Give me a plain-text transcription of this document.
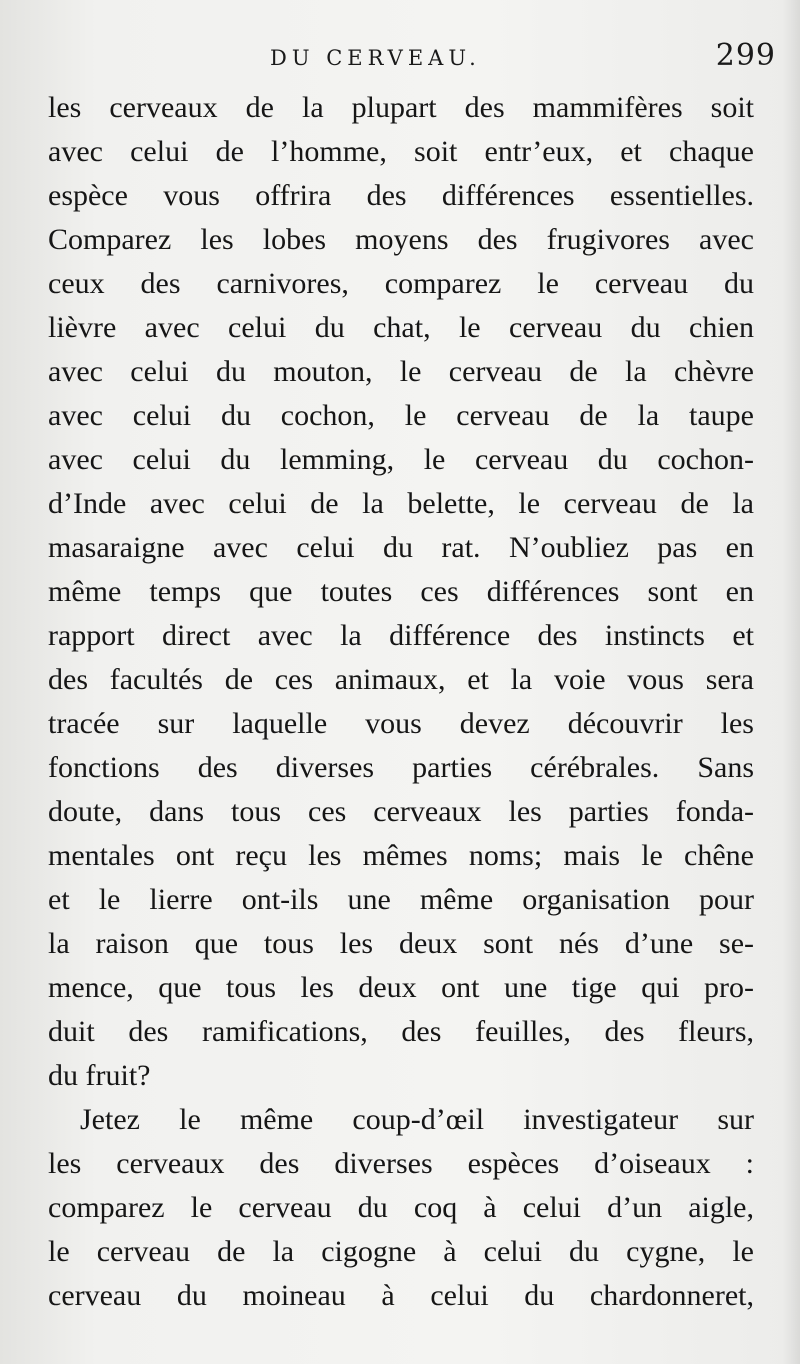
DU CERVEAU.	299
les cerveaux de la plupart des mammifères soit
avec celui de l’homme, soit entr’eux, et chaque
espèce vous offrira des différences essentielles.
Comparez les lobes moyens des frugivores avec
ceux des carnivores, comparez le cerveau du
lièvre avec celui du chat, le cerveau du chien
avec celui du mouton, le cerveau de la chèvre
avec celui du cochon, le cerveau de la taupe
avec celui du lemming, le cerveau du cochon-
d’Inde avec celui de la belette, le cerveau de la
masaraigne avec celui du rat. N’oubliez pas en
même temps que toutes ces différences sont en
rapport direct avec la différence des instincts et
des facultés de ces animaux, et la voie vous sera
tracée sur laquelle vous devez découvrir les
fonctions des diverses parties cérébrales. Sans
doute, dans tous ces cerveaux les parties fonda-
mentales ont reçu les mêmes noms; mais le chêne
et le lierre ont-ils une même organisation pour
la raison que tous les deux sont nés d’une se-
mence, que tous les deux ont une tige qui pro-
duit des ramifications, des feuilles, des fleurs,
du fruit?
Jetez le même coup-d’œil investigateur sur
les cerveaux des diverses espèces d’oiseaux :
comparez le cerveau du coq à celui d’un aigle,
le cerveau de la cigogne à celui du cygne, le
cerveau du moineau à celui du chardonneret,
